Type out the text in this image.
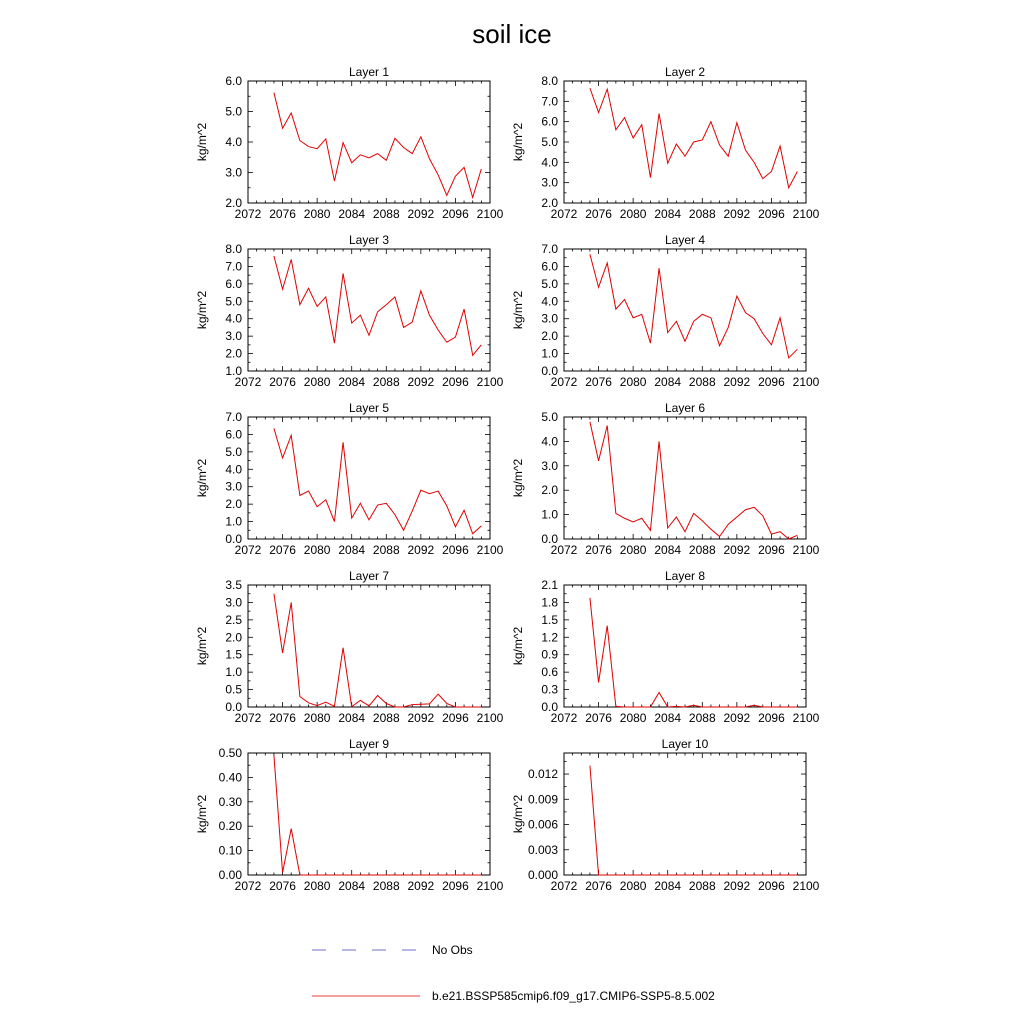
soil ice
Layer 1
kg/m^2
2072 2076 2080 2084 2088 2092 2096 2100
2.0
3.0
4.0
5.0
6.0
Layer 2
kg/m^2
2072 2076 2080 2084 2088 2092 2096 2100
2.0
3.0
4.0
5.0
6.0
7.0
8.0
Layer 3
kg/m^2
2072 2076 2080 2084 2088 2092 2096 2100
1.0
2.0
3.0
4.0
5.0
6.0
7.0
8.0
Layer 4
kg/m^2
2072 2076 2080 2084 2088 2092 2096 2100
0.0
1.0
2.0
3.0
4.0
5.0
6.0
7.0
Layer 5
kg/m^2
2072 2076 2080 2084 2088 2092 2096 2100
0.0
1.0
2.0
3.0
4.0
5.0
6.0
7.0
Layer 6
kg/m^2
2072 2076 2080 2084 2088 2092 2096 2100
0.0
1.0
2.0
3.0
4.0
5.0
Layer 7
kg/m^2
2072 2076 2080 2084 2088 2092 2096 2100
0.0
0.5
1.0
1.5
2.0
2.5
3.0
3.5
Layer 8
kg/m^2
2072 2076 2080 2084 2088 2092 2096 2100
0.0
0.3
0.6
0.9
1.2
1.5
1.8
2.1
Layer 9
kg/m^2
2072 2076 2080 2084 2088 2092 2096 2100
0.00
0.10
0.20
0.30
0.40
0.50
Layer 10
kg/m^2
2072 2076 2080 2084 2088 2092 2096 2100
0.000
0.003
0.006
0.009
0.012
No Obs
b.e21.BSSP585cmip6.f09_g17.CMIP6-SSP5-8.5.002
